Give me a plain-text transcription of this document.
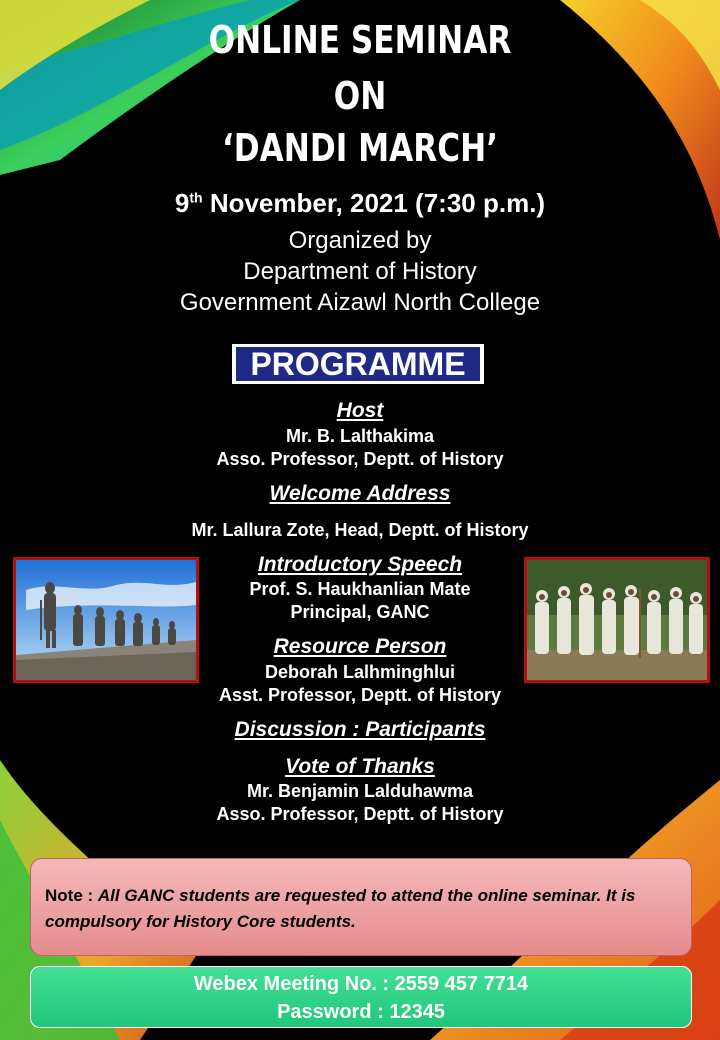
ONLINE SEMINAR
ON
‘DANDI MARCH’
9th November, 2021 (7:30 p.m.)
Organized by
Department of History
Government Aizawl North College
PROGRAMME
Host
Mr. B. Lalthakima
Asso. Professor, Deptt. of History
Welcome Address
Mr. Lallura Zote, Head, Deptt. of History
Introductory Speech
Prof. S. Haukhanlian Mate
Principal, GANC
Resource Person
Deborah Lalhminghlui
Asst. Professor, Deptt. of History
Discussion : Participants
Vote of Thanks
Mr. Benjamin Lalduhawma
Asso. Professor, Deptt. of History
Note : All GANC students are requested to attend the online seminar. It is compulsory for History Core students.
Webex Meeting No. : 2559 457 7714
Password : 12345
